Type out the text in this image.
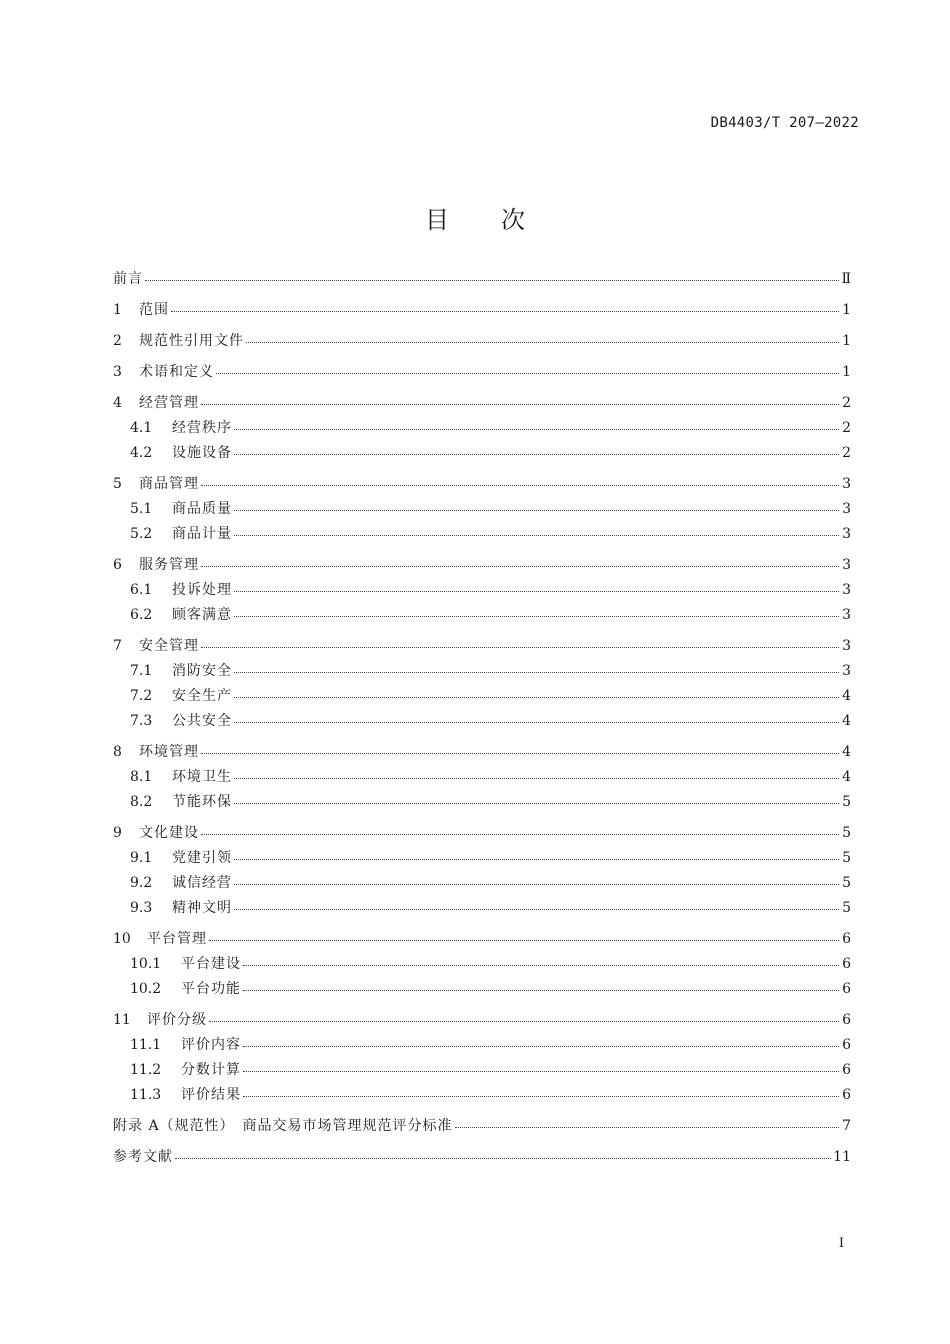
DB4403/T 207—2022
目 次
前言	Ⅱ
1	范围	1
2	规范性引用文件	1
3	术语和定义	1
4	经营管理	2
4.1	经营秩序	2
4.2	设施设备	2
5	商品管理	3
5.1	商品质量	3
5.2	商品计量	3
6	服务管理	3
6.1	投诉处理	3
6.2	顾客满意	3
7	安全管理	3
7.1	消防安全	3
7.2	安全生产	4
7.3	公共安全	4
8	环境管理	4
8.1	环境卫生	4
8.2	节能环保	5
9	文化建设	5
9.1	党建引领	5
9.2	诚信经营	5
9.3	精神文明	5
10	平台管理	6
10.1	平台建设	6
10.2	平台功能	6
11	评价分级	6
11.1	评价内容	6
11.2	分数计算	6
11.3	评价结果	6
附录 A（规范性）　商品交易市场管理规范评分标准	7
参考文献	11
I
